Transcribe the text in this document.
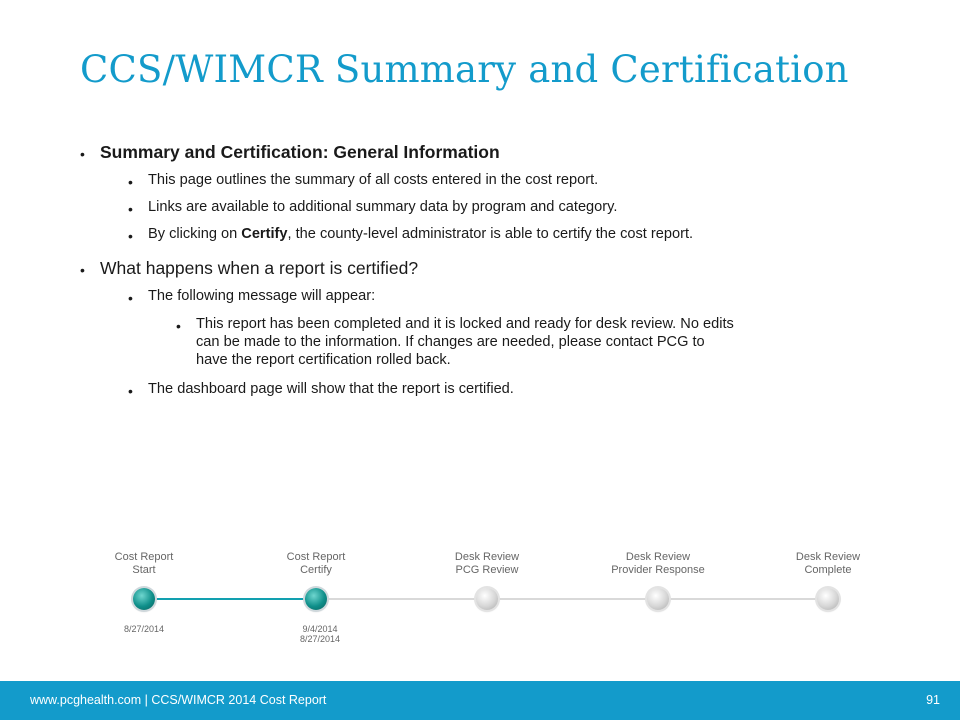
CCS/WIMCR Summary and Certification
• Summary and Certification: General Information

• This page outlines the summary of all costs entered in the cost report.

• Links are available to additional summary data by program and category.

• By clicking on Certify, the county-level administrator is able to certify the cost report.

• What happens when a report is certified?

• The following message will appear:

• This report has been completed and it is locked and ready for desk review. No edits

can be made to the information. If changes are needed, please contact PCG to

have the report certification rolled back.

• The dashboard page will show that the report is certified.

Cost Report
Start
8/27/2014
Cost Report
Certify
9/4/2014
8/27/2014
Desk Review
PCG Review
Desk Review
Provider Response
Desk Review
Complete
www.pcghealth.com | CCS/WIMCR 2014 Cost Report	91
